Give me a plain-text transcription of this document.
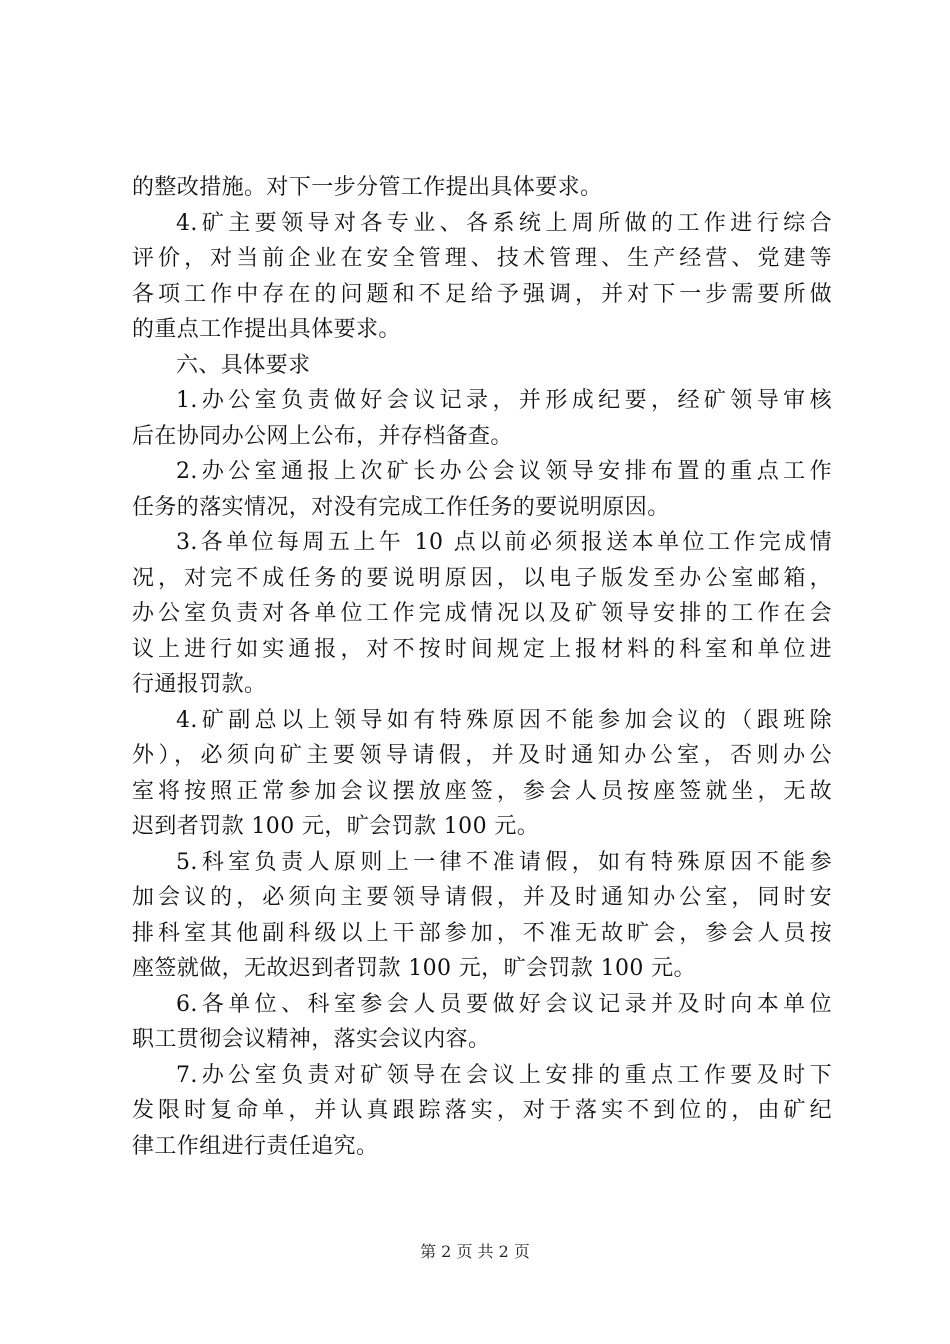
的整改措施。对下一步分管工作提出具体要求。
4.矿主要领导对各专业、各系统上周所做的工作进行综合
评价，对当前企业在安全管理、技术管理、生产经营、党建等
各项工作中存在的问题和不足给予强调，并对下一步需要所做
的重点工作提出具体要求。
六、具体要求
1.办公室负责做好会议记录，并形成纪要，经矿领导审核
后在协同办公网上公布，并存档备查。
2.办公室通报上次矿长办公会议领导安排布置的重点工作
任务的落实情况，对没有完成工作任务的要说明原因。
3.各单位每周五上午 10 点以前必须报送本单位工作完成情
况，对完不成任务的要说明原因，以电子版发至办公室邮箱，
办公室负责对各单位工作完成情况以及矿领导安排的工作在会
议上进行如实通报，对不按时间规定上报材料的科室和单位进
行通报罚款。
4.矿副总以上领导如有特殊原因不能参加会议的（跟班除
外），必须向矿主要领导请假，并及时通知办公室，否则办公
室将按照正常参加会议摆放座签，参会人员按座签就坐，无故
迟到者罚款 100 元，旷会罚款 100 元。
5.科室负责人原则上一律不准请假，如有特殊原因不能参
加会议的，必须向主要领导请假，并及时通知办公室，同时安
排科室其他副科级以上干部参加，不准无故旷会，参会人员按
座签就做，无故迟到者罚款 100 元，旷会罚款 100 元。
6.各单位、科室参会人员要做好会议记录并及时向本单位
职工贯彻会议精神，落实会议内容。
7.办公室负责对矿领导在会议上安排的重点工作要及时下
发限时复命单，并认真跟踪落实，对于落实不到位的，由矿纪
律工作组进行责任追究。
第 2 页 共 2 页
